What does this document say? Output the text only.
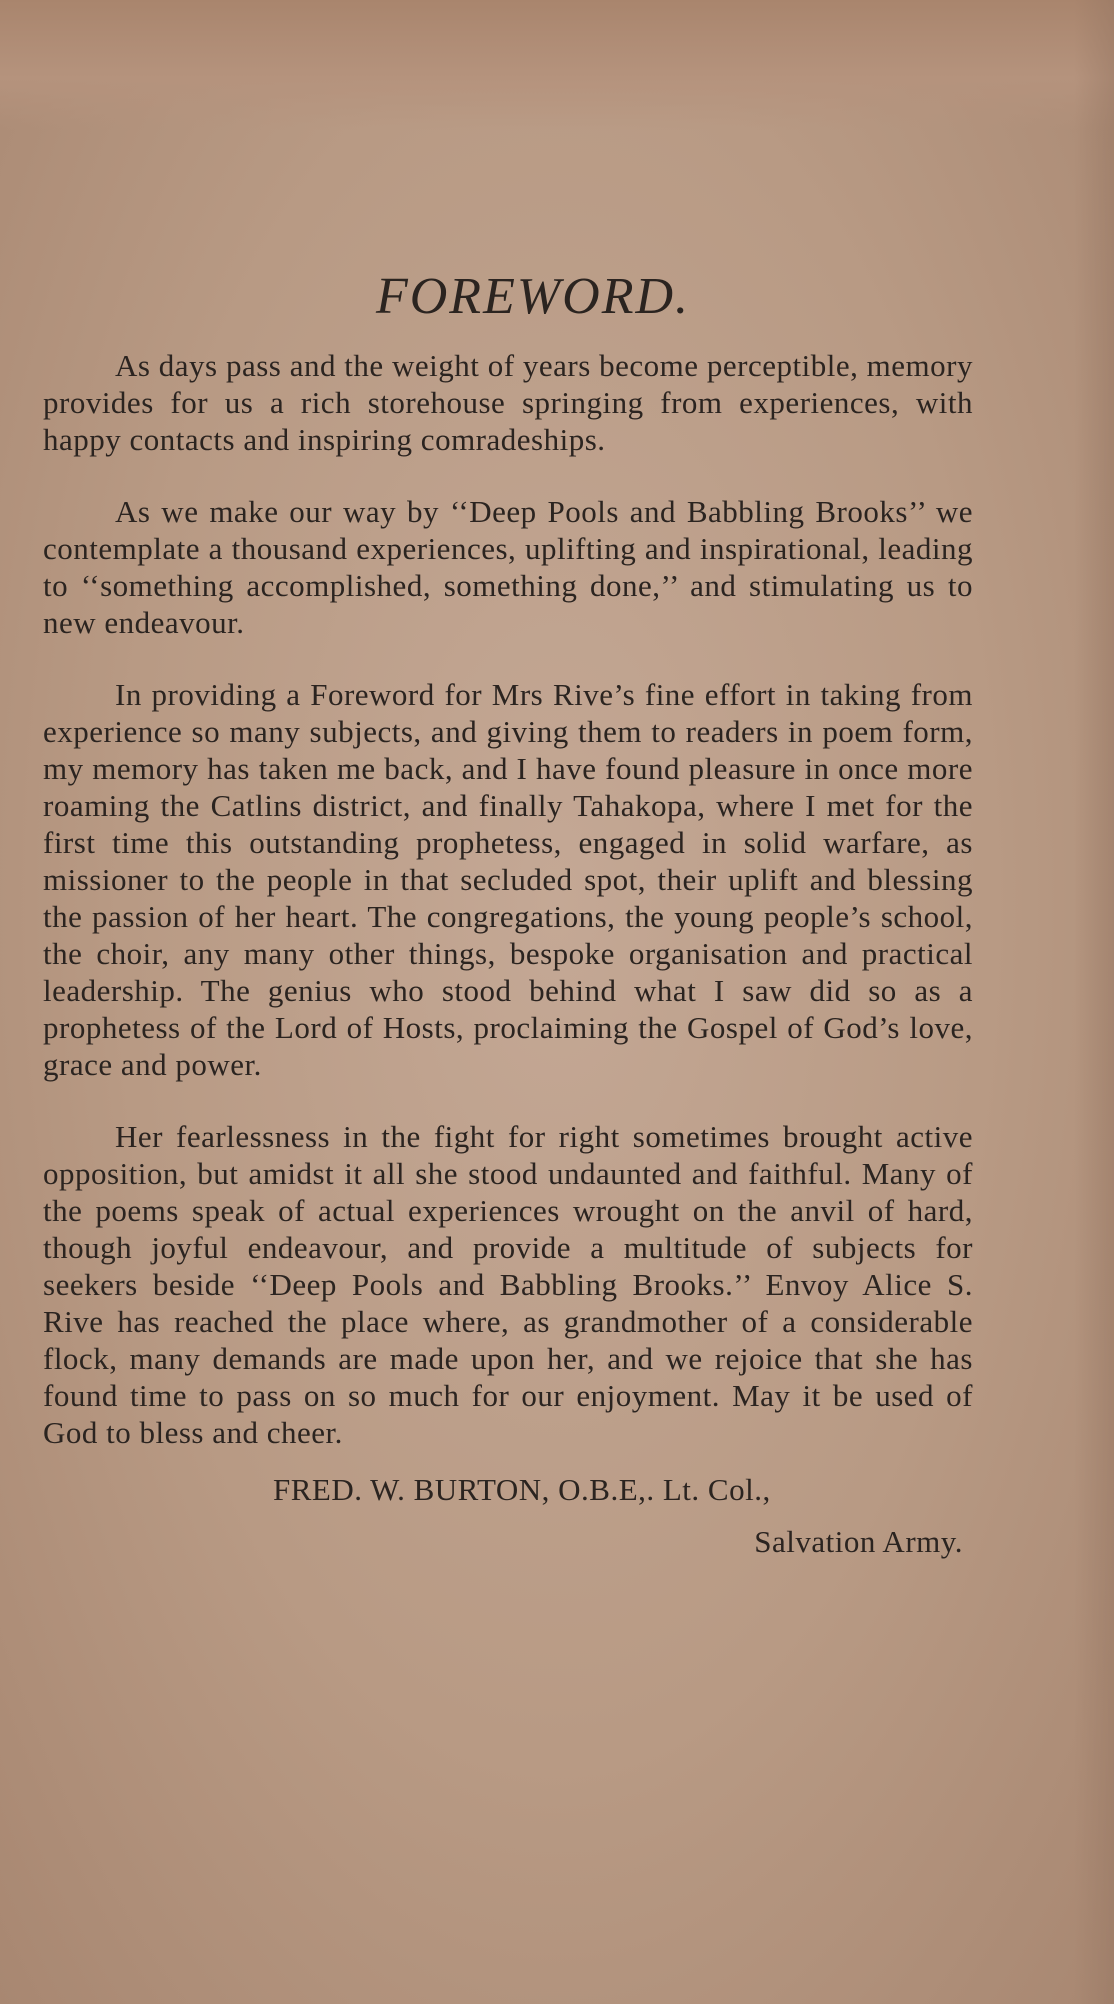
FOREWORD.

As days pass and the weight of years become perceptible, memory provides for us a rich storehouse springing from experiences, with happy contacts and inspiring comradeships.

As we make our way by ‘‘Deep Pools and Babbling Brooks’’ we contemplate a thousand experiences, uplifting and inspirational, leading to ‘‘something accomplished, something done,’’ and stimulating us to new endeavour.

In providing a Foreword for Mrs Rive’s fine effort in taking from experience so many subjects, and giving them to readers in poem form, my memory has taken me back, and I have found pleasure in once more roaming the Catlins district, and finally Tahakopa, where I met for the first time this outstanding prophetess, engaged in solid warfare, as missioner to the people in that secluded spot, their uplift and blessing the passion of her heart. The congregations, the young people’s school, the choir, any many other things, bespoke organisation and practical leadership. The genius who stood behind what I saw did so as a prophetess of the Lord of Hosts, proclaiming the Gospel of God’s love, grace and power.

Her fearlessness in the fight for right sometimes brought active opposition, but amidst it all she stood undaunted and faithful. Many of the poems speak of actual experiences wrought on the anvil of hard, though joyful endeavour, and provide a multitude of subjects for seekers beside ‘‘Deep Pools and Babbling Brooks.’’ Envoy Alice S. Rive has reached the place where, as grandmother of a considerable flock, many demands are made upon her, and we rejoice that she has found time to pass on so much for our enjoyment. May it be used of God to bless and cheer.

FRED. W. BURTON, O.B.E,. Lt. Col.,
Salvation Army.
